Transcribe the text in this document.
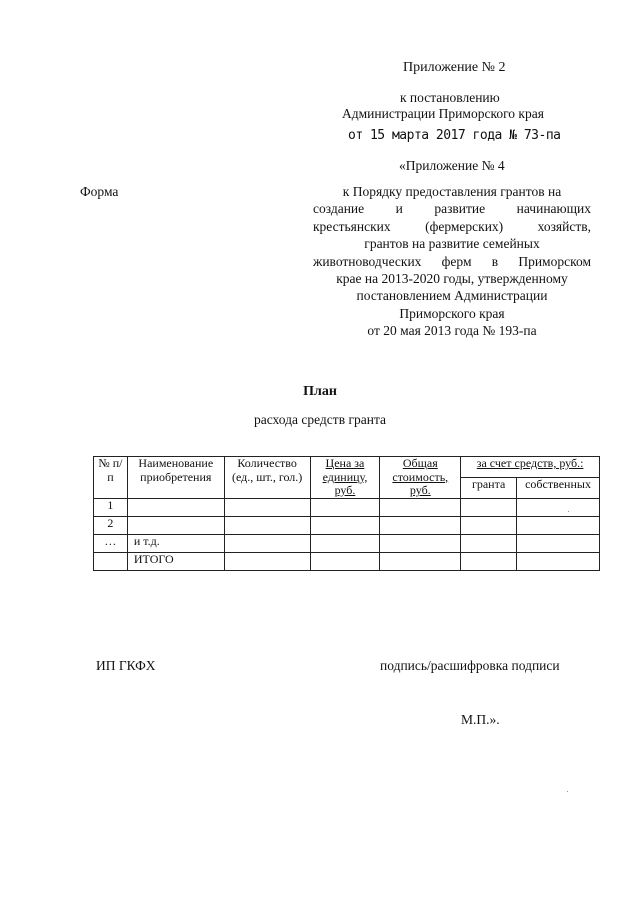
Приложение № 2
к постановлению
Администрации Приморского края
от 15 марта 2017 года № 73-па
«Приложение № 4
Форма	к Порядку предоставления грантов на
создание и развитие начинающих
крестьянских (фермерских) хозяйств,
грантов на развитие семейных
животноводческих ферм в Приморском
крае на 2013-2020 годы, утвержденному
постановлением Администрации
Приморского края
от 20 мая 2013 года № 193-па
План
расхода средств гранта
№ п/п	Наименование приобретения	Количество (ед., шт., гол.)	Цена за единицу, руб.	Общая стоимость, руб.	за счет средств, руб.:	
					гранта	собственных
1						
2						
…	и т.д.					
	ИТОГО					
ИП ГКФХ	подпись/расшифровка подписи
М.П.».
